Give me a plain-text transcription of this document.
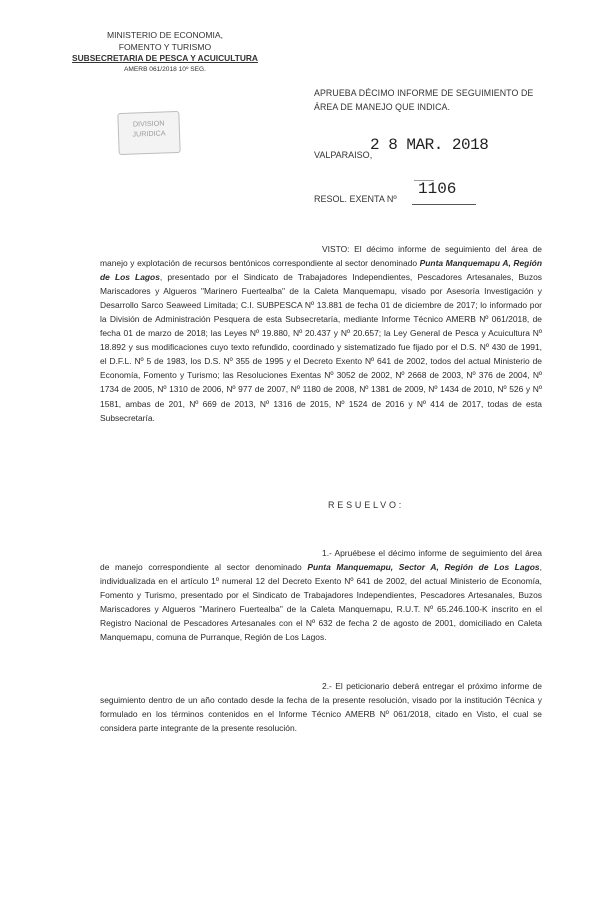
MINISTERIO DE ECONOMIA,
FOMENTO Y TURISMO
SUBSECRETARIA DE PESCA Y ACUICULTURA
AMERB 061/2018 10º SEG.
DIVISION
JURIDICA
APRUEBA DÉCIMO INFORME DE SEGUIMIENTO DE
ÁREA DE MANEJO QUE INDICA.
VALPARAISO,
2 8 MAR. 2018
RESOL. EXENTA Nº
1106

VISTO: El décimo informe de seguimiento del área de manejo y explotación de recursos bentónicos correspondiente al sector denominado Punta Manquemapu A, Región de Los Lagos, presentado por el Sindicato de Trabajadores Independientes, Pescadores Artesanales, Buzos Mariscadores y Algueros "Marinero Fuertealba" de la Caleta Manquemapu, visado por Asesoría Investigación y Desarrollo Sarco Seaweed Limitada; C.I. SUBPESCA Nº 13.881 de fecha 01 de diciembre de 2017; lo informado por la División de Administración Pesquera de esta Subsecretaría, mediante Informe Técnico AMERB Nº 061/2018, de fecha 01 de marzo de 2018; las Leyes Nº 19.880, Nº 20.437 y Nº 20.657; la Ley General de Pesca y Acuicultura Nº 18.892 y sus modificaciones cuyo texto refundido, coordinado y sistematizado fue fijado por el D.S. Nº 430 de 1991, el D.F.L. Nº 5 de 1983, los D.S. Nº 355 de 1995 y el Decreto Exento Nº 641 de 2002, todos del actual Ministerio de Economía, Fomento y Turismo; las Resoluciones Exentas Nº 3052 de 2002, Nº 2668 de 2003, Nº 376 de 2004, Nº 1734 de 2005, Nº 1310 de 2006, Nº 977 de 2007, Nº 1180 de 2008, Nº 1381 de 2009, Nº 1434 de 2010, Nº 526 y Nº 1581, ambas de 201, Nº 669 de 2013, Nº 1316 de 2015, Nº 1524 de 2016 y Nº 414 de 2017, todas de esta Subsecretaría.

RESUELVO:

1.- Apruébese el décimo informe de seguimiento del área de manejo correspondiente al sector denominado Punta Manquemapu, Sector A, Región de Los Lagos, individualizada en el artículo 1º numeral 12 del Decreto Exento Nº 641 de 2002, del actual Ministerio de Economía, Fomento y Turismo, presentado por el Sindicato de Trabajadores Independientes, Pescadores Artesanales, Buzos Mariscadores y Algueros "Marinero Fuertealba" de la Caleta Manquemapu, R.U.T. Nº 65.246.100-K inscrito en el Registro Nacional de Pescadores Artesanales con el Nº 632 de fecha 2 de agosto de 2001, domiciliado en Caleta Manquemapu, comuna de Purranque, Región de Los Lagos.

2.- El peticionario deberá entregar el próximo informe de seguimiento dentro de un año contado desde la fecha de la presente resolución, visado por la institución Técnica y formulado en los términos contenidos en el Informe Técnico AMERB Nº 061/2018, citado en Visto, el cual se considera parte integrante de la presente resolución.
